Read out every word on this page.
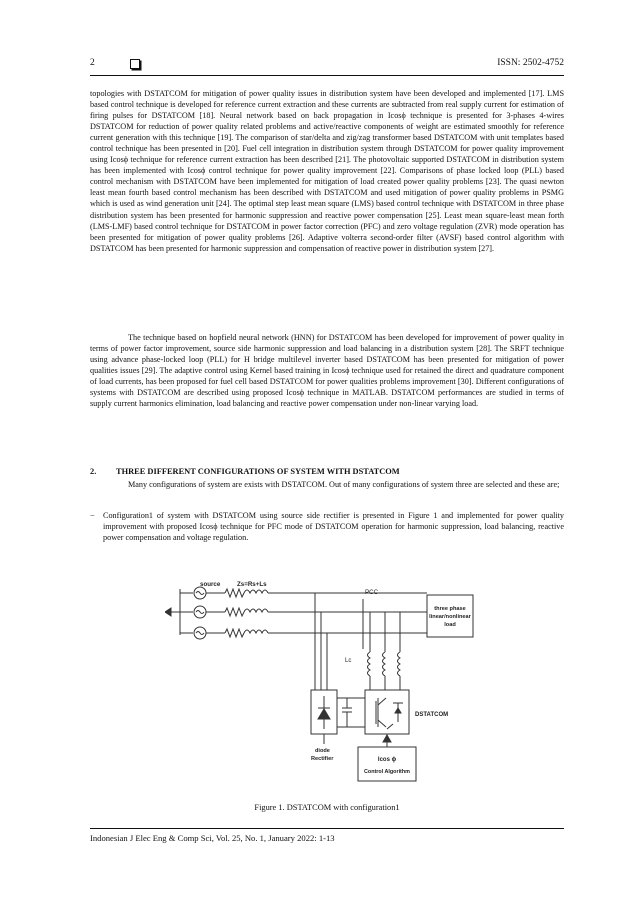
2	ISSN: 2502-4752
topologies with DSTATCOM for mitigation of power quality issues in distribution system have been developed and implemented [17]. LMS based control technique is developed for reference current extraction and these currents are subtracted from real supply current for estimation of firing pulses for DSTATCOM [18]. Neural network based on back propagation in Icosϕ technique is presented for 3-phases 4-wires DSTATCOM for reduction of power quality related problems and active/reactive components of weight are estimated smoothly for reference current generation with this technique [19]. The comparison of star/delta and zig/zag transformer based DSTATCOM with unit templates based control technique has been presented in [20]. Fuel cell integration in distribution system through DSTATCOM for power quality improvement using Icosϕ technique for reference current extraction has been described [21]. The photovoltaic supported DSTATCOM in distribution system has been implemented with Icosϕ control technique for power quality improvement [22]. Comparisons of phase locked loop (PLL) based control mechanism with DSTATCOM have been implemented for mitigation of load created power quality problems [23]. The quasi newton least mean fourth based control mechanism has been described with DSTATCOM and used mitigation of power quality problems in PSMG which is used as wind generation unit [24]. The optimal step least mean square (LMS) based control technique with DSTATCOM in three phase distribution system has been presented for harmonic suppression and reactive power compensation [25]. Least mean square-least mean forth (LMS-LMF) based control technique for DSTATCOM in power factor correction (PFC) and zero voltage regulation (ZVR) mode operation has been presented for mitigation of power quality problems [26]. Adaptive volterra second-order filter (AVSF) based control algorithm with DSTATCOM has been presented for harmonic suppression and compensation of reactive power in distribution system [27].
The technique based on hopfield neural network (HNN) for DSTATCOM has been developed for improvement of power quality in terms of power factor improvement, source side harmonic suppression and load balancing in a distribution system [28]. The SRFT technique using advance phase-locked loop (PLL) for H bridge multilevel inverter based DSTATCOM has been presented for mitigation of power qualities issues [29]. The adaptive control using Kernel based training in Icosϕ technique used for retained the direct and quadrature component of load currents, has been proposed for fuel cell based DSTATCOM for power qualities problems improvement [30]. Different configurations of systems with DSTATCOM are described using proposed Icosϕ technique in MATLAB. DSTATCOM performances are studied in terms of supply current harmonics elimination, load balancing and reactive power compensation under non-linear varying load.
2. THREE DIFFERENT CONFIGURATIONS OF SYSTEM WITH DSTATCOM
Many configurations of system are exists with DSTATCOM. Out of many configurations of system three are selected and these are;
− Configuration1 of system with DSTATCOM using source side rectifier is presented in Figure 1 and implemented for power quality improvement with proposed Icosϕ technique for PFC mode of DSTATCOM operation for harmonic suppression, load balancing, reactive power compensation and voltage regulation.
source	Zs=Rs+Ls
PCC
three phase
linear/nonlinear
load
Lc
DSTATCOM
diode
Rectifier	Icos ϕ
Control Algorithm
Figure 1. DSTATCOM with configuration1
Indonesian J Elec Eng & Comp Sci, Vol. 25, No. 1, January 2022: 1-13
